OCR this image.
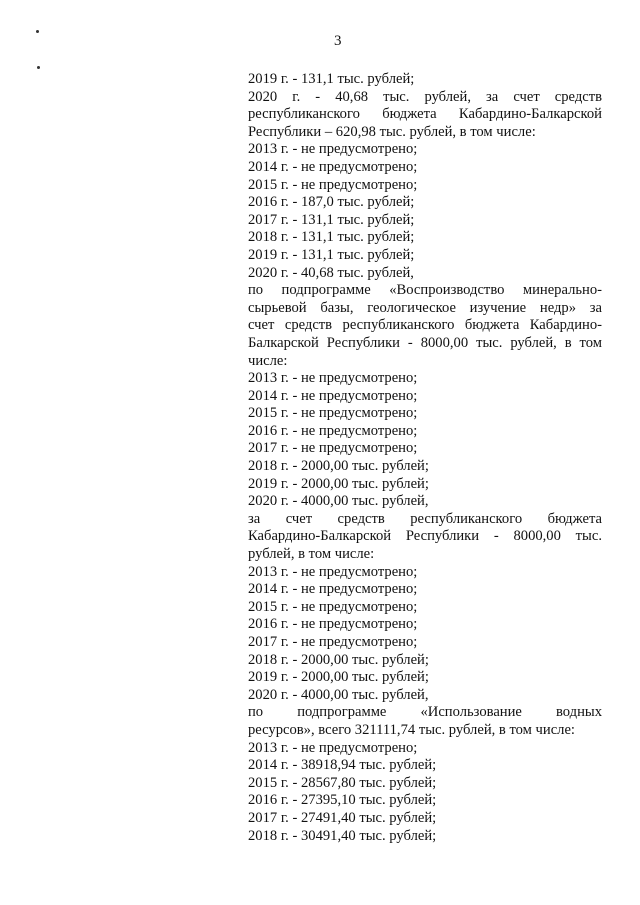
3
2019 г. - 131,1 тыс. рублей;
2020 г. - 40,68 тыс. рублей, за счет средств
республиканского бюджета Кабардино-Балкарской
Республики – 620,98 тыс. рублей, в том числе:
2013 г. - не предусмотрено;
2014 г. - не предусмотрено;
2015 г. - не предусмотрено;
2016 г. - 187,0 тыс. рублей;
2017 г. - 131,1 тыс. рублей;
2018 г. - 131,1 тыс. рублей;
2019 г. - 131,1 тыс. рублей;
2020 г. - 40,68 тыс. рублей,
по подпрограмме «Воспроизводство минерально-
сырьевой базы, геологическое изучение недр» за
счет средств республиканского бюджета Кабардино-
Балкарской Республики - 8000,00 тыс. рублей, в том
числе:
2013 г. - не предусмотрено;
2014 г. - не предусмотрено;
2015 г. - не предусмотрено;
2016 г. - не предусмотрено;
2017 г. - не предусмотрено;
2018 г. - 2000,00 тыс. рублей;
2019 г. - 2000,00 тыс. рублей;
2020 г. - 4000,00 тыс. рублей,
за счет средств республиканского бюджета
Кабардино-Балкарской Республики - 8000,00 тыс.
рублей, в том числе:
2013 г. - не предусмотрено;
2014 г. - не предусмотрено;
2015 г. - не предусмотрено;
2016 г. - не предусмотрено;
2017 г. - не предусмотрено;
2018 г. - 2000,00 тыс. рублей;
2019 г. - 2000,00 тыс. рублей;
2020 г. - 4000,00 тыс. рублей,
по подпрограмме «Использование водных
ресурсов», всего 321111,74 тыс. рублей, в том числе:
2013 г. - не предусмотрено;
2014 г. - 38918,94 тыс. рублей;
2015 г. - 28567,80 тыс. рублей;
2016 г. - 27395,10 тыс. рублей;
2017 г. - 27491,40 тыс. рублей;
2018 г. - 30491,40 тыс. рублей;
